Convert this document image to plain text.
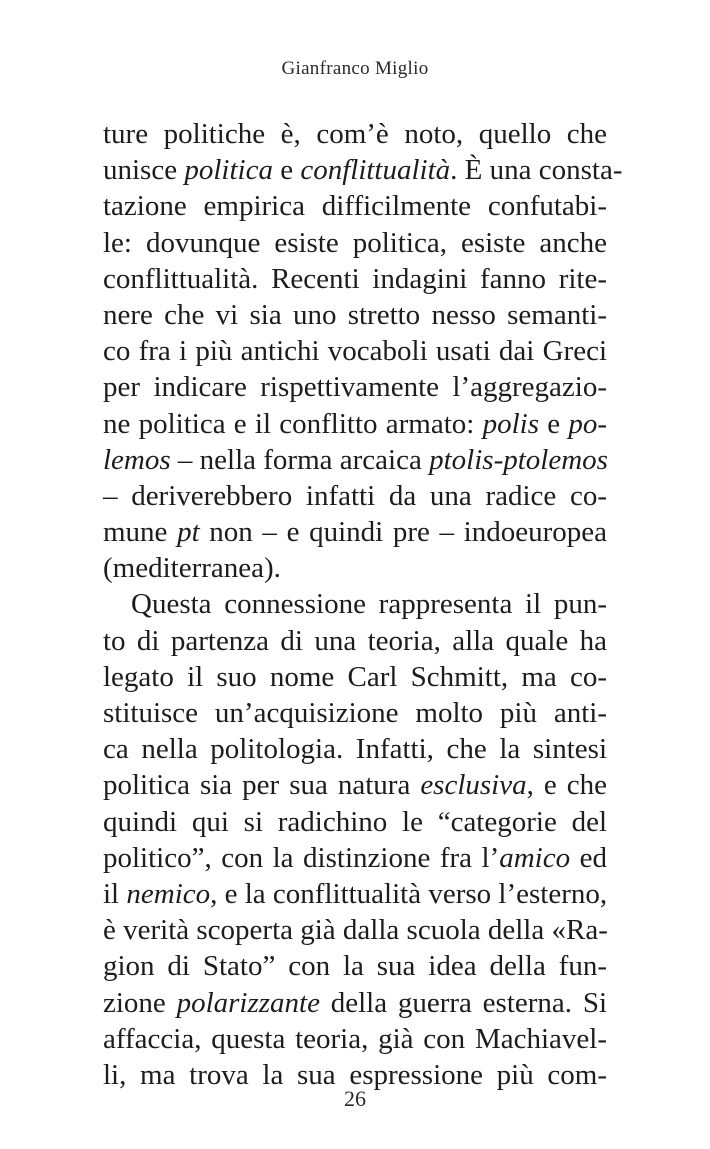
Gianfranco Miglio
ture politiche è, com’è noto, quello che
unisce politica e conflittualità. È una consta-
tazione empirica difficilmente confutabi-
le: dovunque esiste politica, esiste anche
conflittualità. Recenti indagini fanno rite-
nere che vi sia uno stretto nesso semanti-
co fra i più antichi vocaboli usati dai Greci
per indicare rispettivamente l’aggregazio-
ne politica e il conflitto armato: polis e po-
lemos – nella forma arcaica ptolis-ptolemos
– deriverebbero infatti da una radice co-
mune pt non – e quindi pre – indoeuropea
(mediterranea).
Questa connessione rappresenta il pun-
to di partenza di una teoria, alla quale ha
legato il suo nome Carl Schmitt, ma co-
stituisce un’acquisizione molto più anti-
ca nella politologia. Infatti, che la sintesi
politica sia per sua natura esclusiva, e che
quindi qui si radichino le “categorie del
politico”, con la distinzione fra l’amico ed
il nemico, e la conflittualità verso l’esterno,
è verità scoperta già dalla scuola della «Ra-
gion di Stato” con la sua idea della fun-
zione polarizzante della guerra esterna. Si
affaccia, questa teoria, già con Machiavel-
li, ma trova la sua espressione più com-
26
